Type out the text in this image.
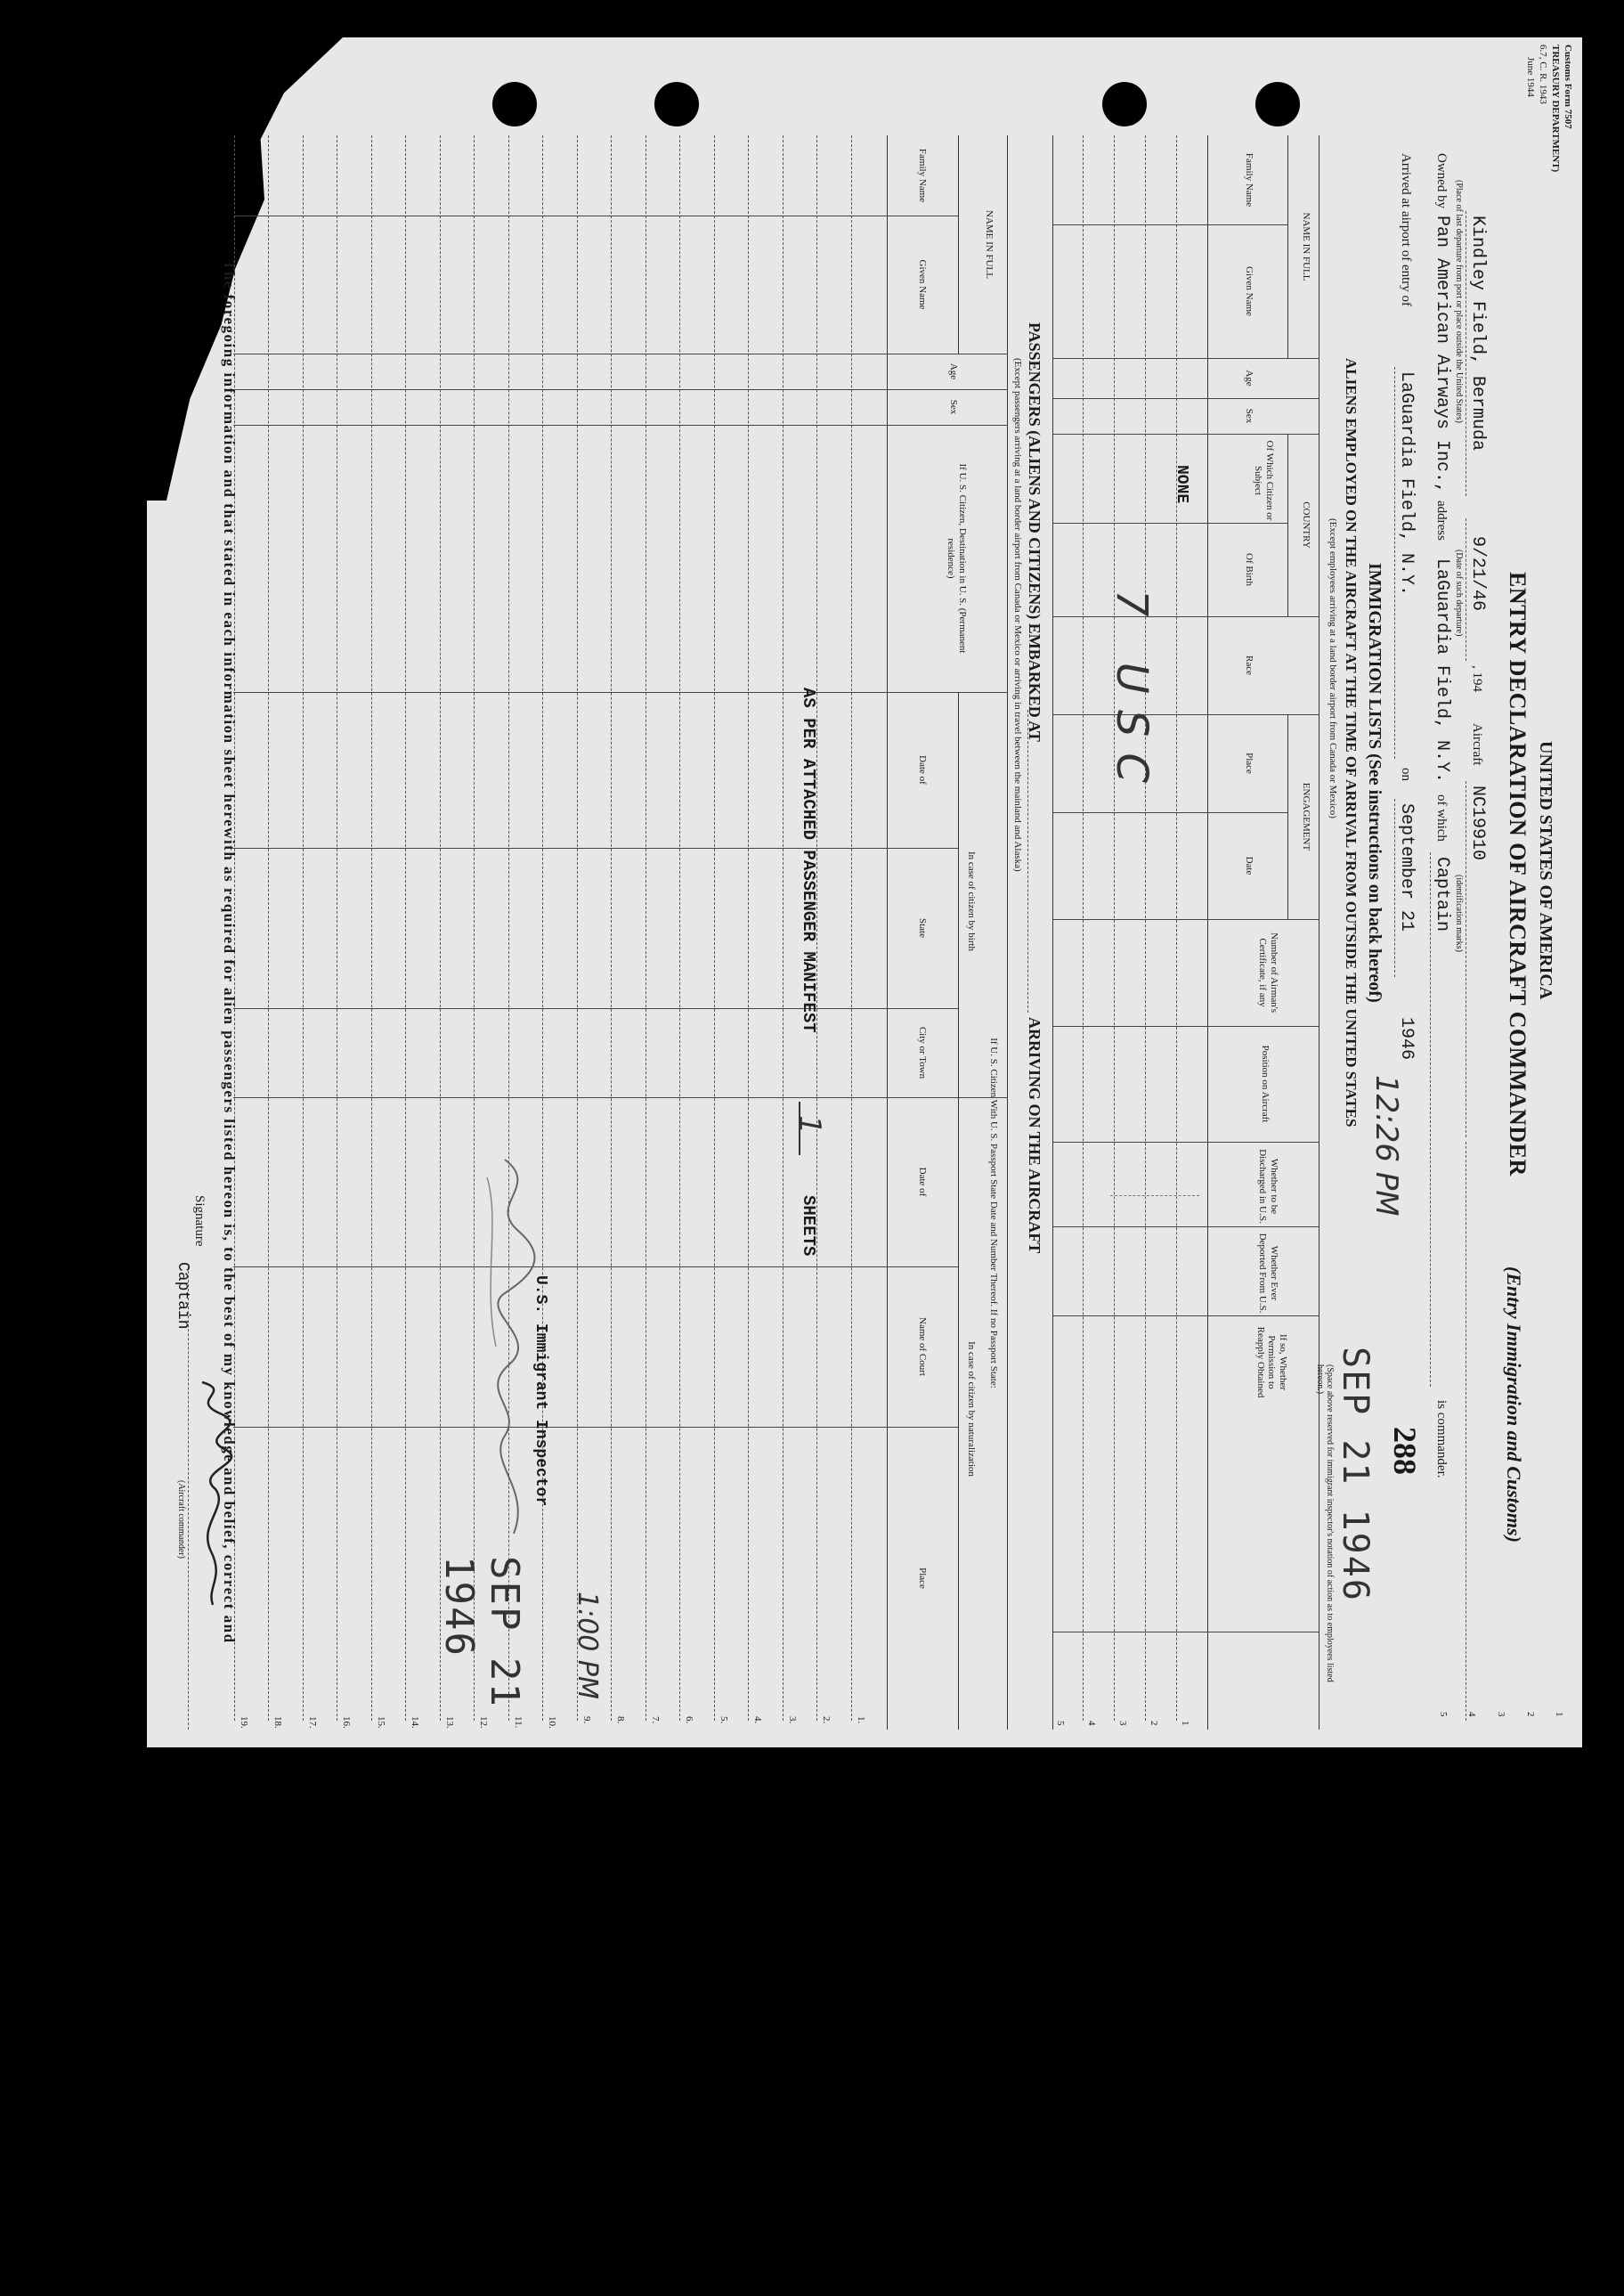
Customs Form 7507
TREASURY DEPARTMENT)
6.7, C. R. 1943
June 1944
1
2
3
4
5
UNITED STATES OF AMERICA
ENTRY DECLARATION OF AIRCRAFT COMMANDER
(Entry Immigration and Customs)
Kindley Field, Bermuda
(Place of last departure from port or place outside the United States)
9/21/46
(Date of such departure)
, 194
Aircraft
NC19910
(identification marks)
Owned by
Pan American Airways Inc.,
address
LaGuardia Field, N.Y.
of which
Captain
is commander.
Arrived at airport of entry of
LaGuardia Field, N.Y.
on
September 21
1946
12:26 PM
IMMIGRATION LISTS (See instructions on back hereof)
ALIENS EMPLOYED ON THE AIRCRAFT AT THE TIME OF ARRIVAL FROM OUTSIDE THE UNITED STATES
(Except employees arriving at a land border airport from Canada or Mexico)
SEP 21 1946 288
(Space above reserved for immigrant inspector's notation of action as to employees listed hereon.)
NAME IN FULL
Family Name
Given Name
Age
Sex
COUNTRY
Of Which Citizen or Subject
Of Birth
Race
Number of Airman's Certificate, if any
ENGAGEMENT
Place
Date
Position on Aircraft
Whether to be Discharged in U.S.
Whether Ever Deported From U.S.
If so, Whether Permission to Reapply Obtained
NONE
7 USC
1
2
3
4
5
PASSENGERS (ALIENS AND CITIZENS) EMBARKED AT
ARRIVING ON THE AIRCRAFT
(Except passengers arriving at a land border airport from Canada or Mexico or arriving in travel between the mainland and Alaska)
NAME IN FULL
Family Name
Given Name
Age
Sex
If U. S. Citizen, Destination in U. S. (Permanent residence)
If U. S. Citizen With U. S. Passport State Date and Number Thereof. If no Passport State:
In case of citizen by birth
In case of citizen by naturalization
Date of
State
City or Town
Date of
Name of Court
Place
1.
2.
3.
4.
5.
6.
7.
8.
9.
10.
11.
12.
13.
14.
15.
16.
17.
18.
19.
AS PER ATTACHED PASSENGER MANIFEST
1
SHEETS
U.S. Immigrant Inspector
1:00 PM
SEP 21 1946
The foregoing information and that stated in each information sheet herewith as required for alien passengers listed hereon is, to the best of my knowledge and belief, correct and
Signature
Captain
(Aircraft commander)
